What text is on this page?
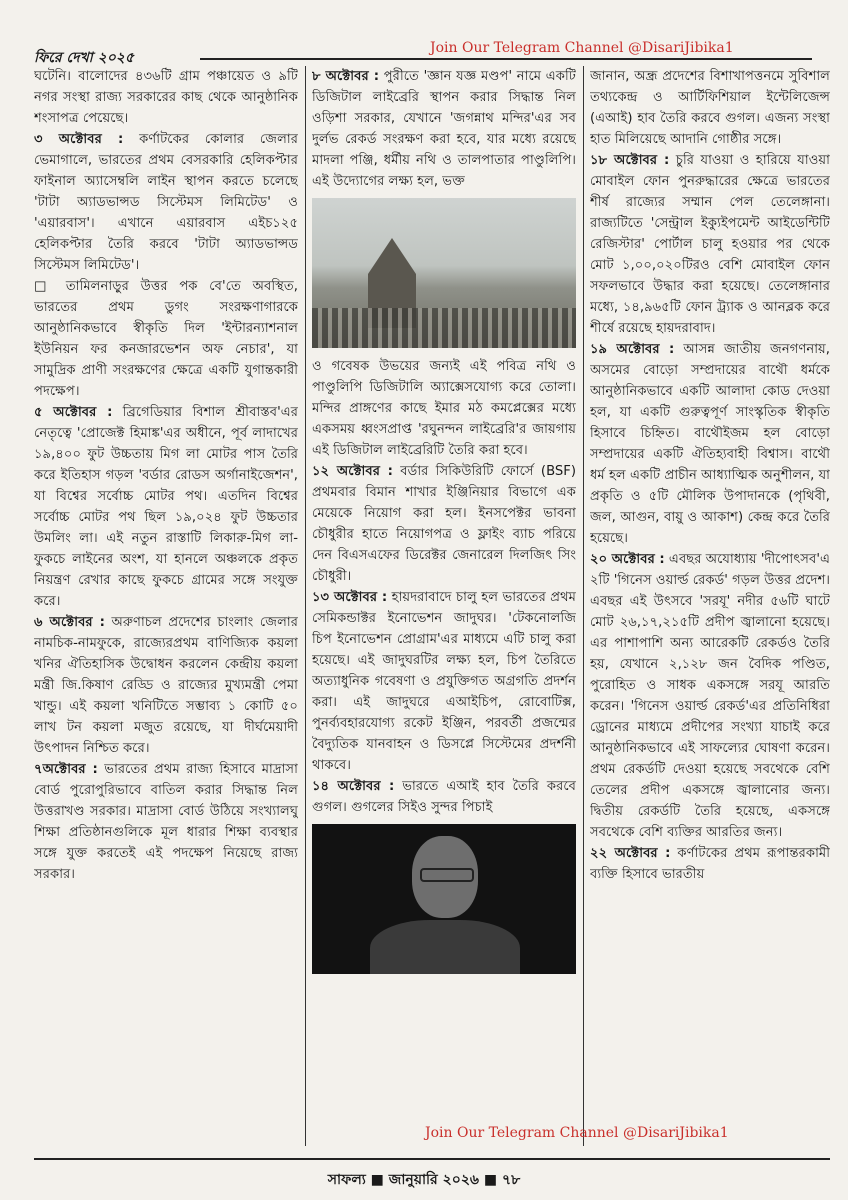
ফিরে দেখা ২০২৫
Join Our Telegram Channel @DisariJibika1

ঘটেনি। বালোদের ৪৩৬টি গ্রাম পঞ্চায়েত ও ৯টি নগর সংস্থা রাজ্য সরকারের কাছ থেকে আনুষ্ঠানিক শংসাপত্র পেয়েছে।

৩ অক্টোবর : কর্ণাটকের কোলার জেলার ভেমাগালে, ভারতের প্রথম বেসরকারি হেলিকপ্টার ফাইনাল অ্যাসেম্বলি লাইন স্থাপন করতে চলেছে 'টাটা অ্যাডভান্সড সিস্টেমস লিমিটেড' ও 'এয়ারবাস'। এখানে এয়ারবাস এইচ১২৫ হেলিকপ্টার তৈরি করবে 'টাটা অ্যাডভান্সড সিস্টেমস লিমিটেড'।

□ তামিলনাড়ুর উত্তর পক বে'তে অবস্থিত, ভারতের প্রথম ডুগং সংরক্ষণাগারকে আনুষ্ঠানিকভাবে স্বীকৃতি দিল 'ইন্টারন্যাশনাল ইউনিয়ন ফর কনজারভেশন অফ নেচার', যা সামুদ্রিক প্রাণী সংরক্ষণের ক্ষেত্রে একটি যুগান্তকারী পদক্ষেপ।

৫ অক্টোবর : ব্রিগেডিয়ার বিশাল শ্রীবাস্তব'এর নেতৃত্বে 'প্রোজেক্ট হিমাঙ্ক'এর অধীনে, পূর্ব লাদাখের ১৯,৪০০ ফুট উচ্চতায় মিগ লা মোটর পাস তৈরি করে ইতিহাস গড়ল 'বর্ডার রোডস অর্গানাইজেশন', যা বিশ্বের সর্বোচ্চ মোটর পথ। এতদিন বিশ্বের সর্বোচ্চ মোটর পথ ছিল ১৯,০২৪ ফুট উচ্চতার উমলিং লা। এই নতুন রাস্তাটি লিকারু-মিগ লা-ফুকচে লাইনের অংশ, যা হানলে অঞ্চলকে প্রকৃত নিয়ন্ত্রণ রেখার কাছে ফুকচে গ্রামের সঙ্গে সংযুক্ত করে।

৬ অক্টোবর : অরুণাচল প্রদেশের চাংলাং জেলার নামচিক-নামফুকে, রাজ্যেরপ্রথম বাণিজ্যিক কয়লা খনির ঐতিহাসিক উদ্বোধন করলেন কেন্দ্রীয় কয়লা মন্ত্রী জি.কিষাণ রেড্ডি ও রাজ্যের মুখ্যমন্ত্রী পেমা খান্ডু। এই কয়লা খনিটিতে সম্ভাব্য ১ কোটি ৫০ লাখ টন কয়লা মজুত রয়েছে, যা দীর্ঘমেয়াদী উৎপাদন নিশ্চিত করে।

৭অক্টোবর : ভারতের প্রথম রাজ্য হিসাবে মাদ্রাসা বোর্ড পুরোপুরিভাবে বাতিল করার সিদ্ধান্ত নিল উত্তরাখণ্ড সরকার। মাদ্রাসা বোর্ড উঠিয়ে সংখ্যালঘু শিক্ষা প্রতিষ্ঠানগুলিকে মূল ধারার শিক্ষা ব্যবস্থার সঙ্গে যুক্ত করতেই এই পদক্ষেপ নিয়েছে রাজ্য সরকার।

৮ অক্টোবর : পুরীতে 'জ্ঞান যজ্ঞ মণ্ডপ' নামে একটি ডিজিটাল লাইব্রেরি স্থাপন করার সিদ্ধান্ত নিল ওড়িশা সরকার, যেখানে 'জগন্নাথ মন্দির'এর সব দুর্লভ রেকর্ড সংরক্ষণ করা হবে, যার মধ্যে রয়েছে মাদলা পঞ্জি, ধর্মীয় নথি ও তালপাতার পাণ্ডুলিপি। এই উদ্যোগের লক্ষ্য হল, ভক্ত

ও গবেষক উভয়ের জন্যই এই পবিত্র নথি ও পাণ্ডুলিপি ডিজিটালি অ্যাক্সেসযোগ্য করে তোলা। মন্দির প্রাঙ্গণের কাছে ইমার মঠ কমপ্লেক্সের মধ্যে একসময় ধ্বংসপ্রাপ্ত 'রঘুনন্দন লাইব্রেরি'র জায়গায় এই ডিজিটাল লাইব্রেরিটি তৈরি করা হবে।

১২ অক্টোবর : বর্ডার সিকিউরিটি ফোর্সে (BSF) প্রথমবার বিমান শাখার ইঞ্জিনিয়ার বিভাগে এক মেয়েকে নিয়োগ করা হল। ইনসপেক্টর ভাবনা চৌধুরীর হাতে নিয়োগপত্র ও ফ্লাইং ব্যাচ পরিয়ে দেন বিএসএফের ডিরেক্টর জেনারেল দিলজিৎ সিং চৌধুরী।

১৩ অক্টোবর : হায়দরাবাদে চালু হল ভারতের প্রথম সেমিকন্ডাক্টর ইনোভেশন জাদুঘর। 'টেকনোলজি চিপ ইনোভেশন প্রোগ্রাম'এর মাধ্যমে এটি চালু করা হয়েছে। এই জাদুঘরটির লক্ষ্য হল, চিপ তৈরিতে অত্যাধুনিক গবেষণা ও প্রযুক্তিগত অগ্রগতি প্রদর্শন করা। এই জাদুঘরে এআইচিপ, রোবোটিক্স, পুনর্ব্যবহারযোগ্য রকেট ইঞ্জিন, পরবর্তী প্রজন্মের বৈদ্যুতিক যানবাহন ও ডিসপ্লে সিস্টেমের প্রদর্শনী থাকবে।

১৪ অক্টোবর : ভারতে এআই হাব তৈরি করবে গুগল। গুগলের সিইও সুন্দর পিচাই

জানান, অন্ধ্র প্রদেশের বিশাখাপত্তনমে সুবিশাল তথ্যকেন্দ্র ও আর্টিফিশিয়াল ইন্টেলিজেন্স (এআই) হাব তৈরি করবে গুগল। এজন্য সংস্থা হাত মিলিয়েছে আদানি গোষ্ঠীর সঙ্গে।

১৮ অক্টোবর : চুরি যাওয়া ও হারিয়ে যাওয়া মোবাইল ফোন পুনরুদ্ধারের ক্ষেত্রে ভারতের শীর্ষ রাজ্যের সম্মান পেল তেলেঙ্গানা। রাজ্যটিতে 'সেন্ট্রাল ইক্যুইপমেন্ট আইডেন্টিটি রেজিস্টার' পোর্টাল চালু হওয়ার পর থেকে মোট ১,০০,০২০টিরও বেশি মোবাইল ফোন সফলভাবে উদ্ধার করা হয়েছে। তেলেঙ্গানার মধ্যে, ১৪,৯৬৫টি ফোন ট্র্যাক ও আনব্লক করে শীর্ষে রয়েছে হায়দরাবাদ।

১৯ অক্টোবর : আসন্ন জাতীয় জনগণনায়, অসমের বোড়ো সম্প্রদায়ের বাথৌ ধর্মকে আনুষ্ঠানিকভাবে একটি আলাদা কোড দেওয়া হল, যা একটি গুরুত্বপূর্ণ সাংস্কৃতিক স্বীকৃতি হিসাবে চিহ্নিত। বাথৌইজম হল বোড়ো সম্প্রদায়ের একটি ঐতিহ্যবাহী বিশ্বাস। বাথৌ ধর্ম হল একটি প্রাচীন আধ্যাত্মিক অনুশীলন, যা প্রকৃতি ও ৫টি মৌলিক উপাদানকে (পৃথিবী, জল, আগুন, বায়ু ও আকাশ) কেন্দ্র করে তৈরি হয়েছে।

২০ অক্টোবর : এবছর অযোধ্যায় 'দীপোৎসব'এ ২টি 'গিনেস ওয়ার্ল্ড রেকর্ড' গড়ল উত্তর প্রদেশ। এবছর এই উৎসবে 'সরযূ' নদীর ৫৬টি ঘাটে মোট ২৬,১৭,২১৫টি প্রদীপ জ্বালানো হয়েছে। এর পাশাপাশি অন্য আরেকটি রেকর্ডও তৈরি হয়, যেখানে ২,১২৮ জন বৈদিক পণ্ডিত, পুরোহিত ও সাধক একসঙ্গে সরযূ আরতি করেন। 'গিনেস ওয়ার্ল্ড রেকর্ড'এর প্রতিনিধিরা ড্রোনের মাধ্যমে প্রদীপের সংখ্যা যাচাই করে আনুষ্ঠানিকভাবে এই সাফল্যের ঘোষণা করেন। প্রথম রেকর্ডটি দেওয়া হয়েছে সবথেকে বেশি তেলের প্রদীপ একসঙ্গে জ্বালানোর জন্য। দ্বিতীয় রেকর্ডটি তৈরি হয়েছে, একসঙ্গে সবথেকে বেশি ব্যক্তির আরতির জন্য।

২২ অক্টোবর : কর্ণাটকের প্রথম রূপান্তরকামী ব্যক্তি হিসাবে ভারতীয়

Join Our Telegram Channel @DisariJibika1
সাফল্য ■ জানুয়ারি ২০২৬ ■ ৭৮
